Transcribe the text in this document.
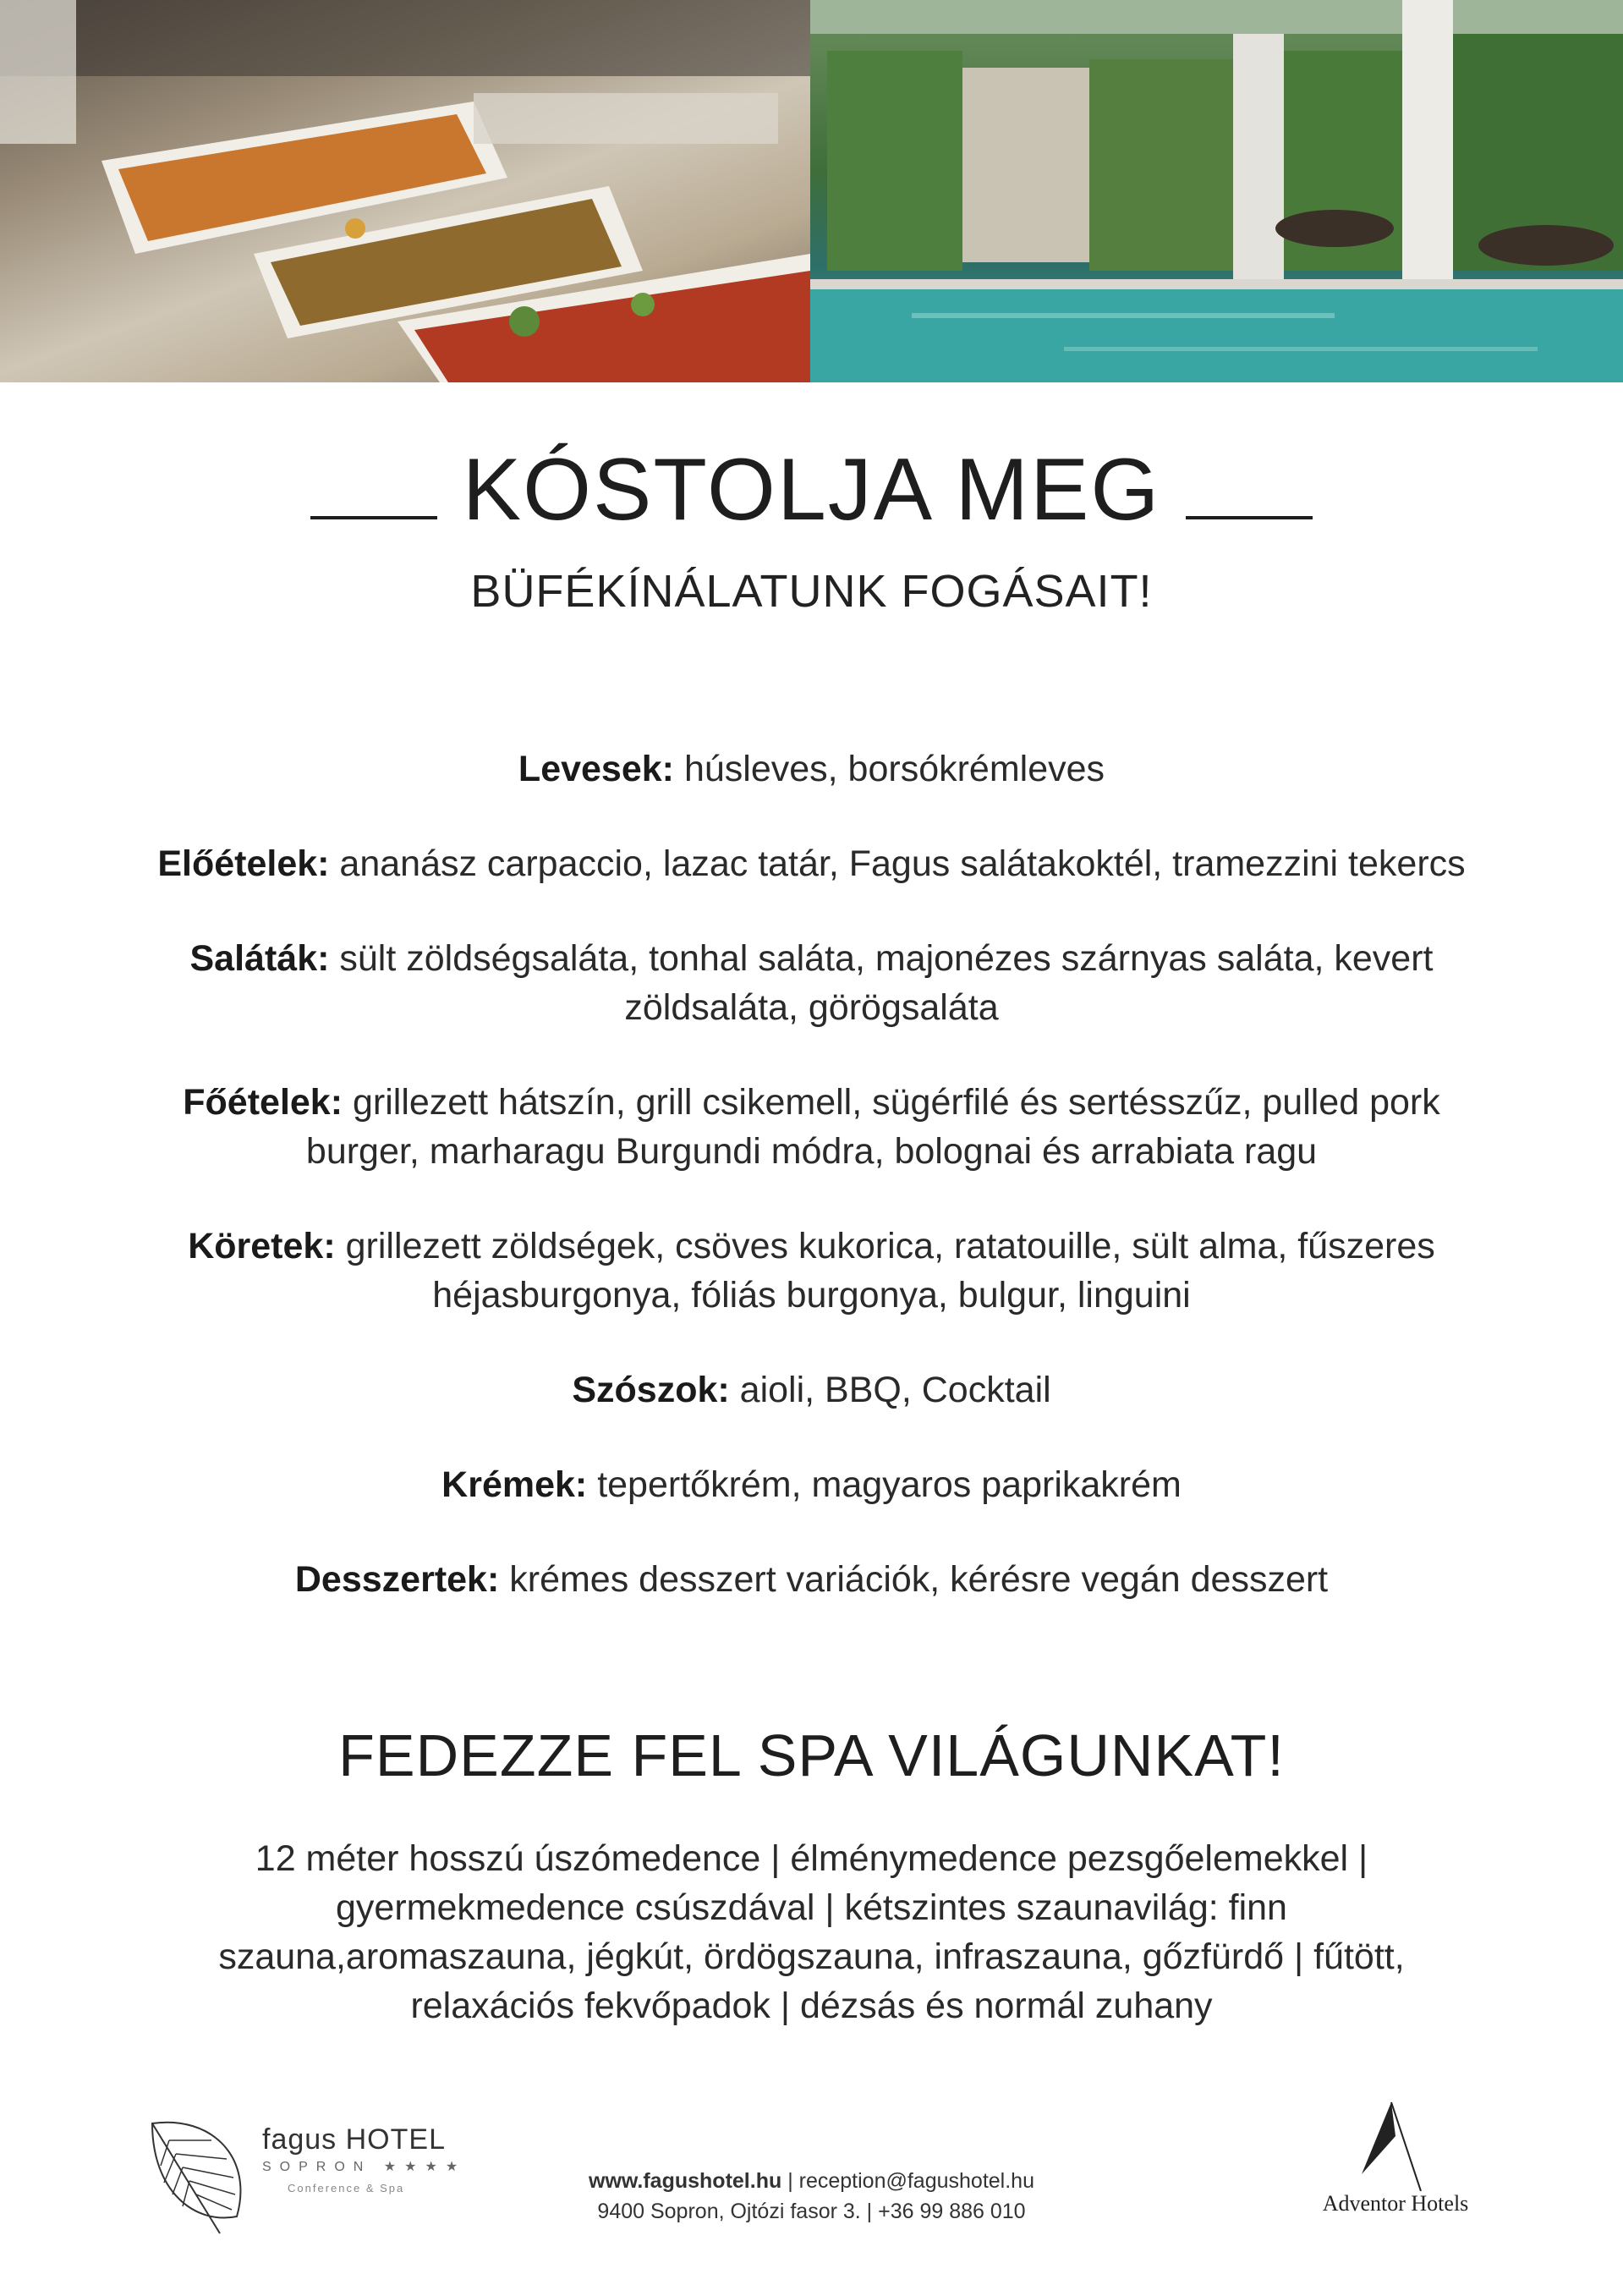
KÓSTOLJA MEG
BÜFÉKÍNÁLATUNK FOGÁSAIT!
Levesek: húsleves, borsókrémleves
Előételek: ananász carpaccio, lazac tatár, Fagus salátakoktél, tramezzini tekercs
Saláták: sült zöldségsaláta, tonhal saláta, majonézes szárnyas saláta, kevert zöldsaláta, görögsaláta
Főételek: grillezett hátszín, grill csikemell, sügérfilé és sertésszűz, pulled pork burger, marharagu Burgundi módra, bolognai és arrabiata ragu
Köretek: grillezett zöldségek, csöves kukorica, ratatouille, sült alma, fűszeres héjasburgonya, fóliás burgonya, bulgur, linguini
Szószok: aioli, BBQ, Cocktail
Krémek: tepertőkrém, magyaros paprikakrém
Desszertek: krémes desszert variációk, kérésre vegán desszert
FEDEZZE FEL SPA VILÁGUNKAT!
12 méter hosszú úszómedence | élménymedence pezsgőelemekkel | gyermekmedence csúszdával | kétszintes szaunavilág: finn szauna,aromaszauna, jégkút, ördögszauna, infraszauna, gőzfürdő | fűtött, relaxációs fekvőpadok | dézsás és normál zuhany
fagus HOTEL
SOPRON ★★★★
Conference & Spa	www.fagushotel.hu | reception@fagushotel.hu
9400 Sopron, Ojtózi fasor 3. | +36 99 886 010	Adventor Hotels
